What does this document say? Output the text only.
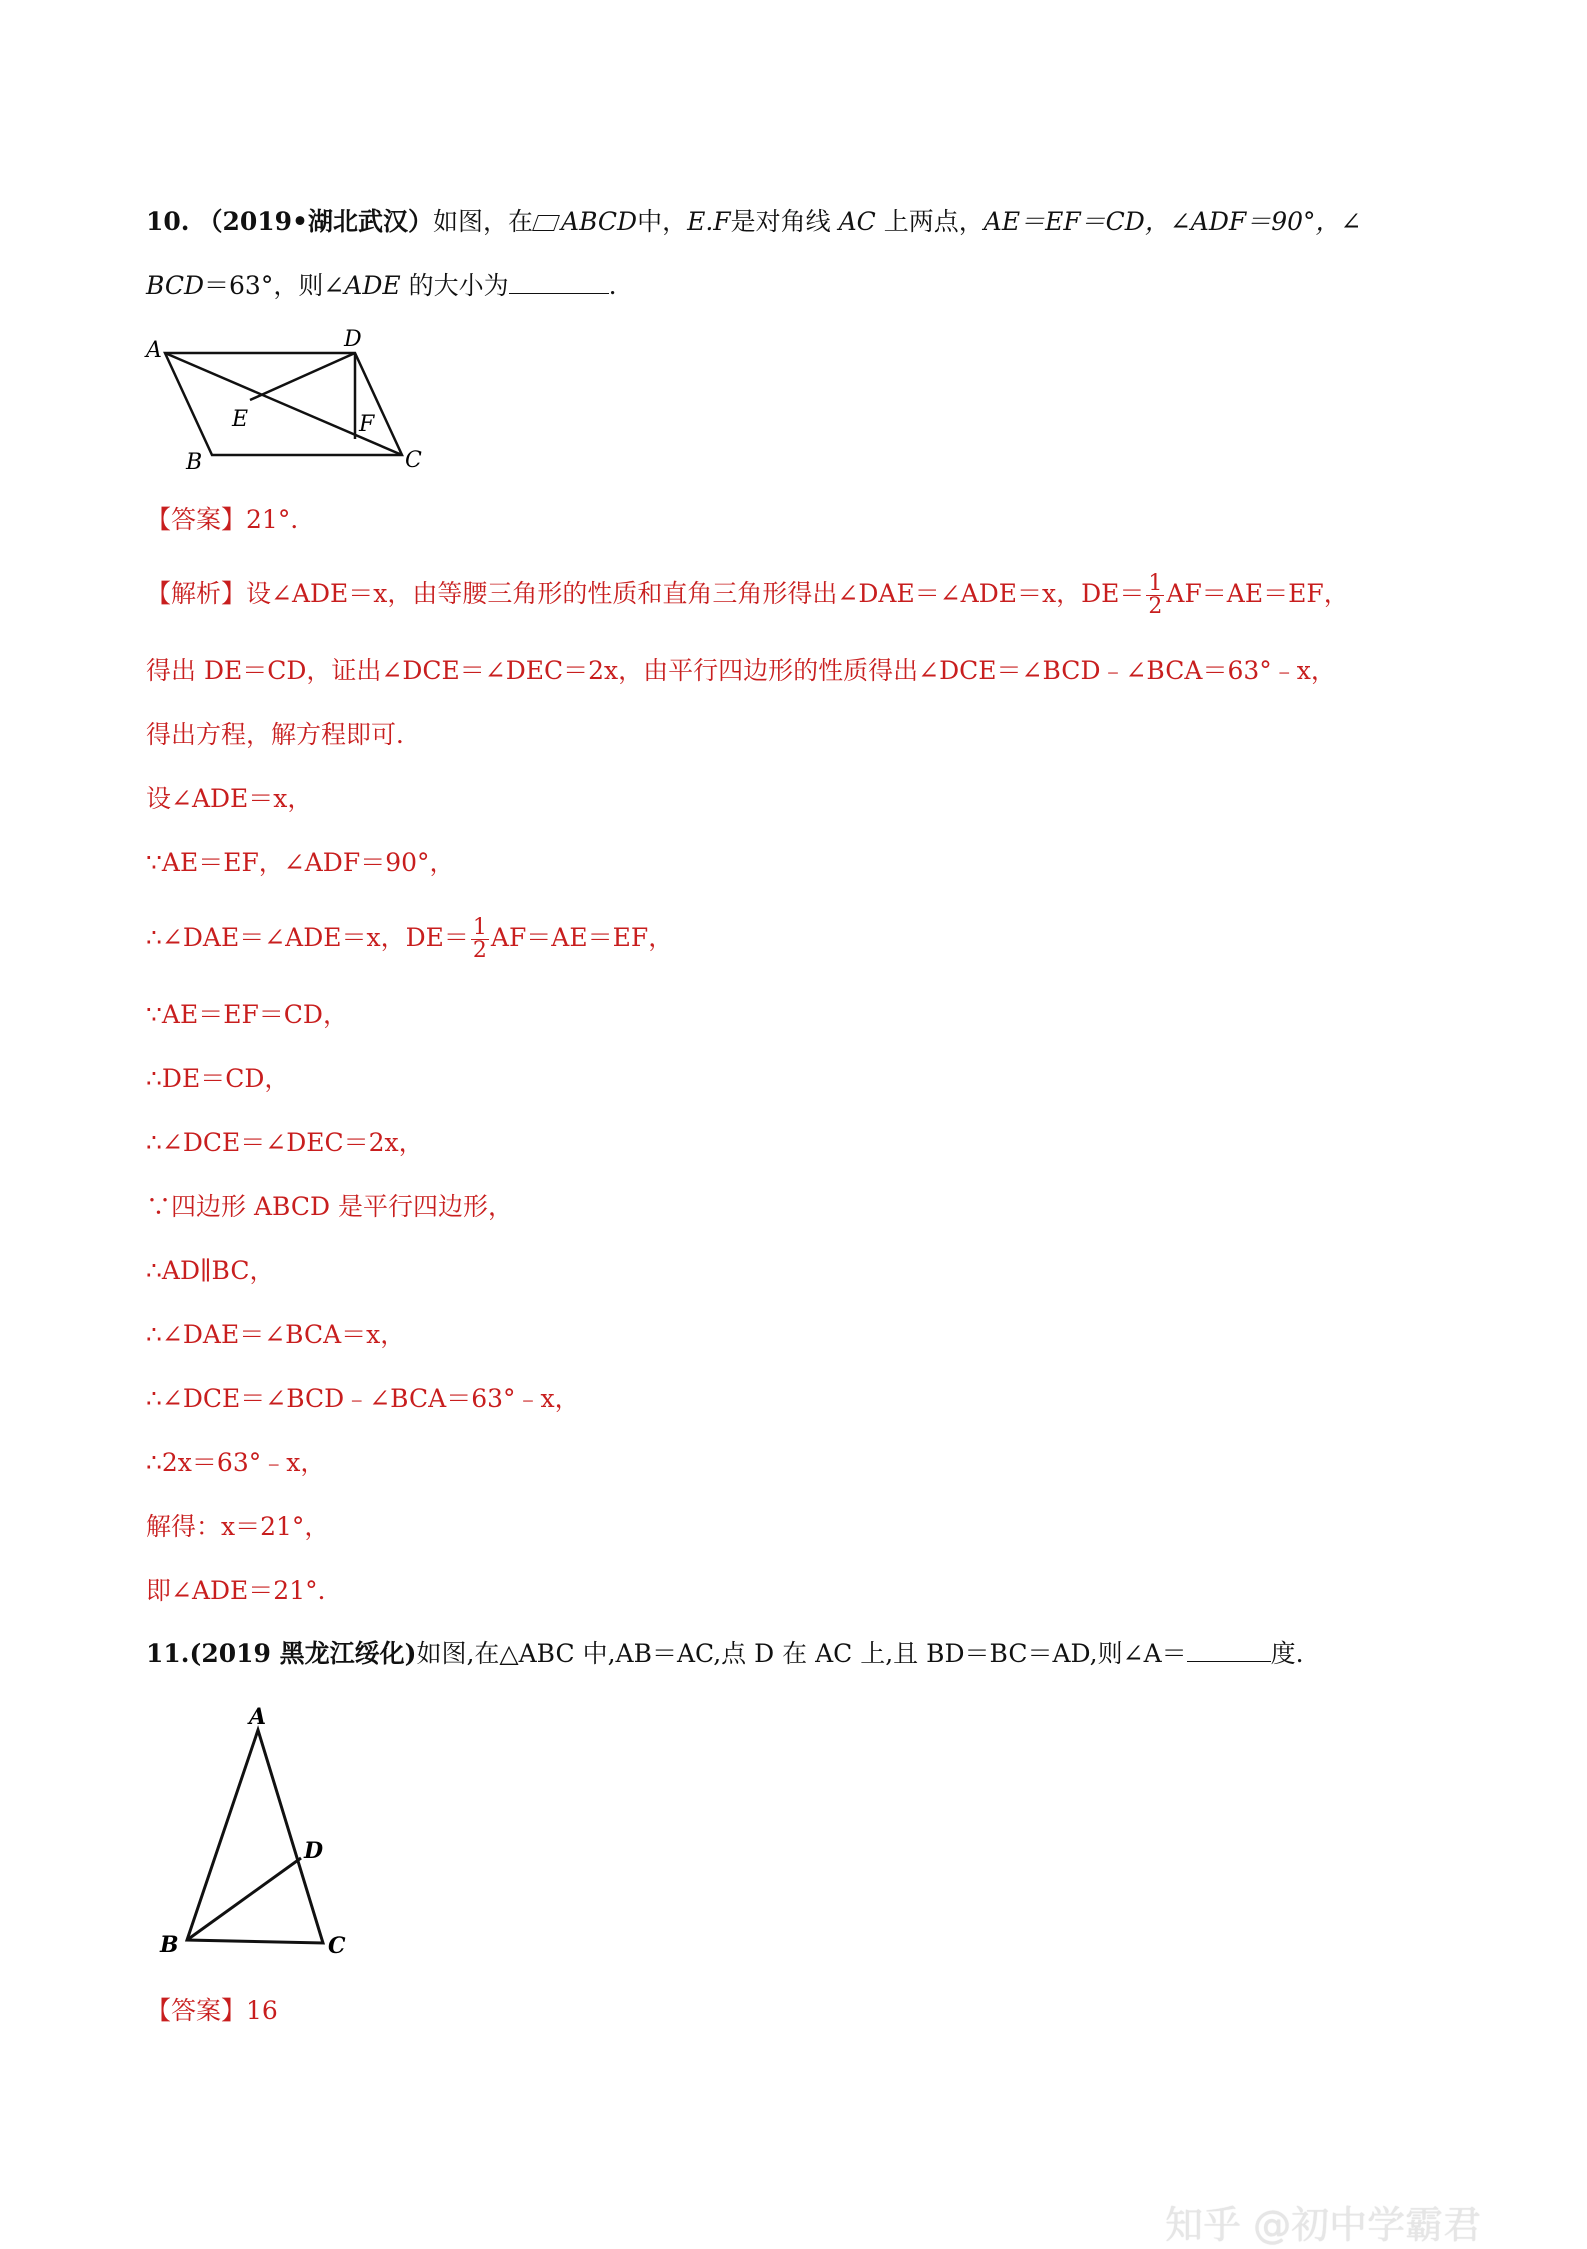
10. （2019•湖北武汉）如图，在 ABCD中，E.F是对角线 AC 上两点，AE＝EF＝CD，∠ADF＝90°，∠
BCD＝63°，则∠ADE 的大小为	.
A	D
E	F
B	C
【答案】21°．
【解析】设∠ADE＝x，由等腰三角形的性质和直角三角形得出∠DAE＝∠ADE＝x，$DE= \frac{1}{2} AF=AE=EF$，
得出 DE＝CD，证出∠DCE＝∠DEC＝2x，由平行四边形的性质得出∠DCE＝∠BCD﹣∠BCA＝63°﹣x，
得出方程，解方程即可．
设∠ADE＝x，
∵AE＝EF，∠ADF＝90°，
∴∠DAE＝∠ADE＝x，$DE= \frac{1}{2} AF=AE=EF$，
∵AE＝EF＝CD，
∴DE＝CD，
∴∠DCE＝∠DEC＝2x，
∵四边形 ABCD 是平行四边形，
∴AD∥BC，
∴∠DAE＝∠BCA＝x，
∴∠DCE＝∠BCD﹣∠BCA＝63°﹣x，
∴2x＝63°﹣x，
解得：x＝21°，
即∠ADE＝21°．
11.(2019 黑龙江绥化)如图,在△ABC 中,AB＝AC,点 D 在 AC 上,且 BD＝BC＝AD,则∠A＝	度.
A
D
B	C
【答案】16
知乎 @初中学霸君
